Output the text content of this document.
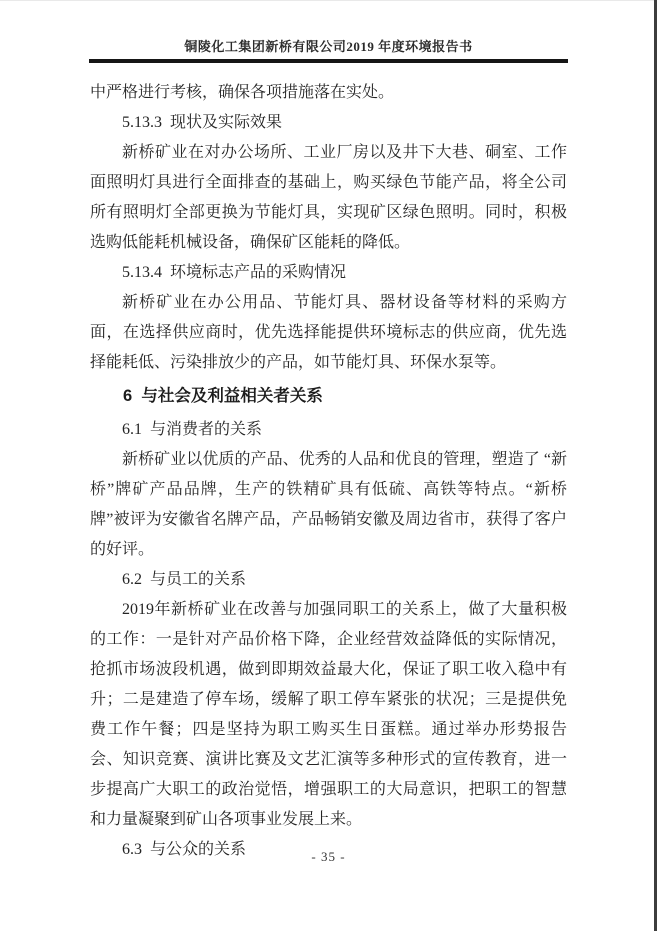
铜陵化工集团新桥有限公司2019 年度环境报告书

中严格进行考核，确保各项措施落在实处。

5.13.3  现状及实际效果

新桥矿业在对办公场所、工业厂房以及井下大巷、硐室、工作面照明灯具进行全面排查的基础上，购买绿色节能产品，将全公司所有照明灯全部更换为节能灯具，实现矿区绿色照明。同时，积极选购低能耗机械设备，确保矿区能耗的降低。

5.13.4  环境标志产品的采购情况

新桥矿业在办公用品、节能灯具、器材设备等材料的采购方面，在选择供应商时，优先选择能提供环境标志的供应商，优先选择能耗低、污染排放少的产品，如节能灯具、环保水泵等。

6  与社会及利益相关者关系

6.1  与消费者的关系

新桥矿业以优质的产品、优秀的人品和优良的管理，塑造了 “新桥”牌矿产品品牌，生产的铁精矿具有低硫、高铁等特点。“新桥牌”被评为安徽省名牌产品，产品畅销安徽及周边省市，获得了客户的好评。

6.2  与员工的关系

2019年新桥矿业在改善与加强同职工的关系上，做了大量积极的工作：一是针对产品价格下降，企业经营效益降低的实际情况，抢抓市场波段机遇，做到即期效益最大化，保证了职工收入稳中有升；二是建造了停车场，缓解了职工停车紧张的状况；三是提供免费工作午餐；四是坚持为职工购买生日蛋糕。通过举办形势报告会、知识竞赛、演讲比赛及文艺汇演等多种形式的宣传教育，进一步提高广大职工的政治觉悟，增强职工的大局意识，把职工的智慧和力量凝聚到矿山各项事业发展上来。

6.3  与公众的关系	- 35 -
